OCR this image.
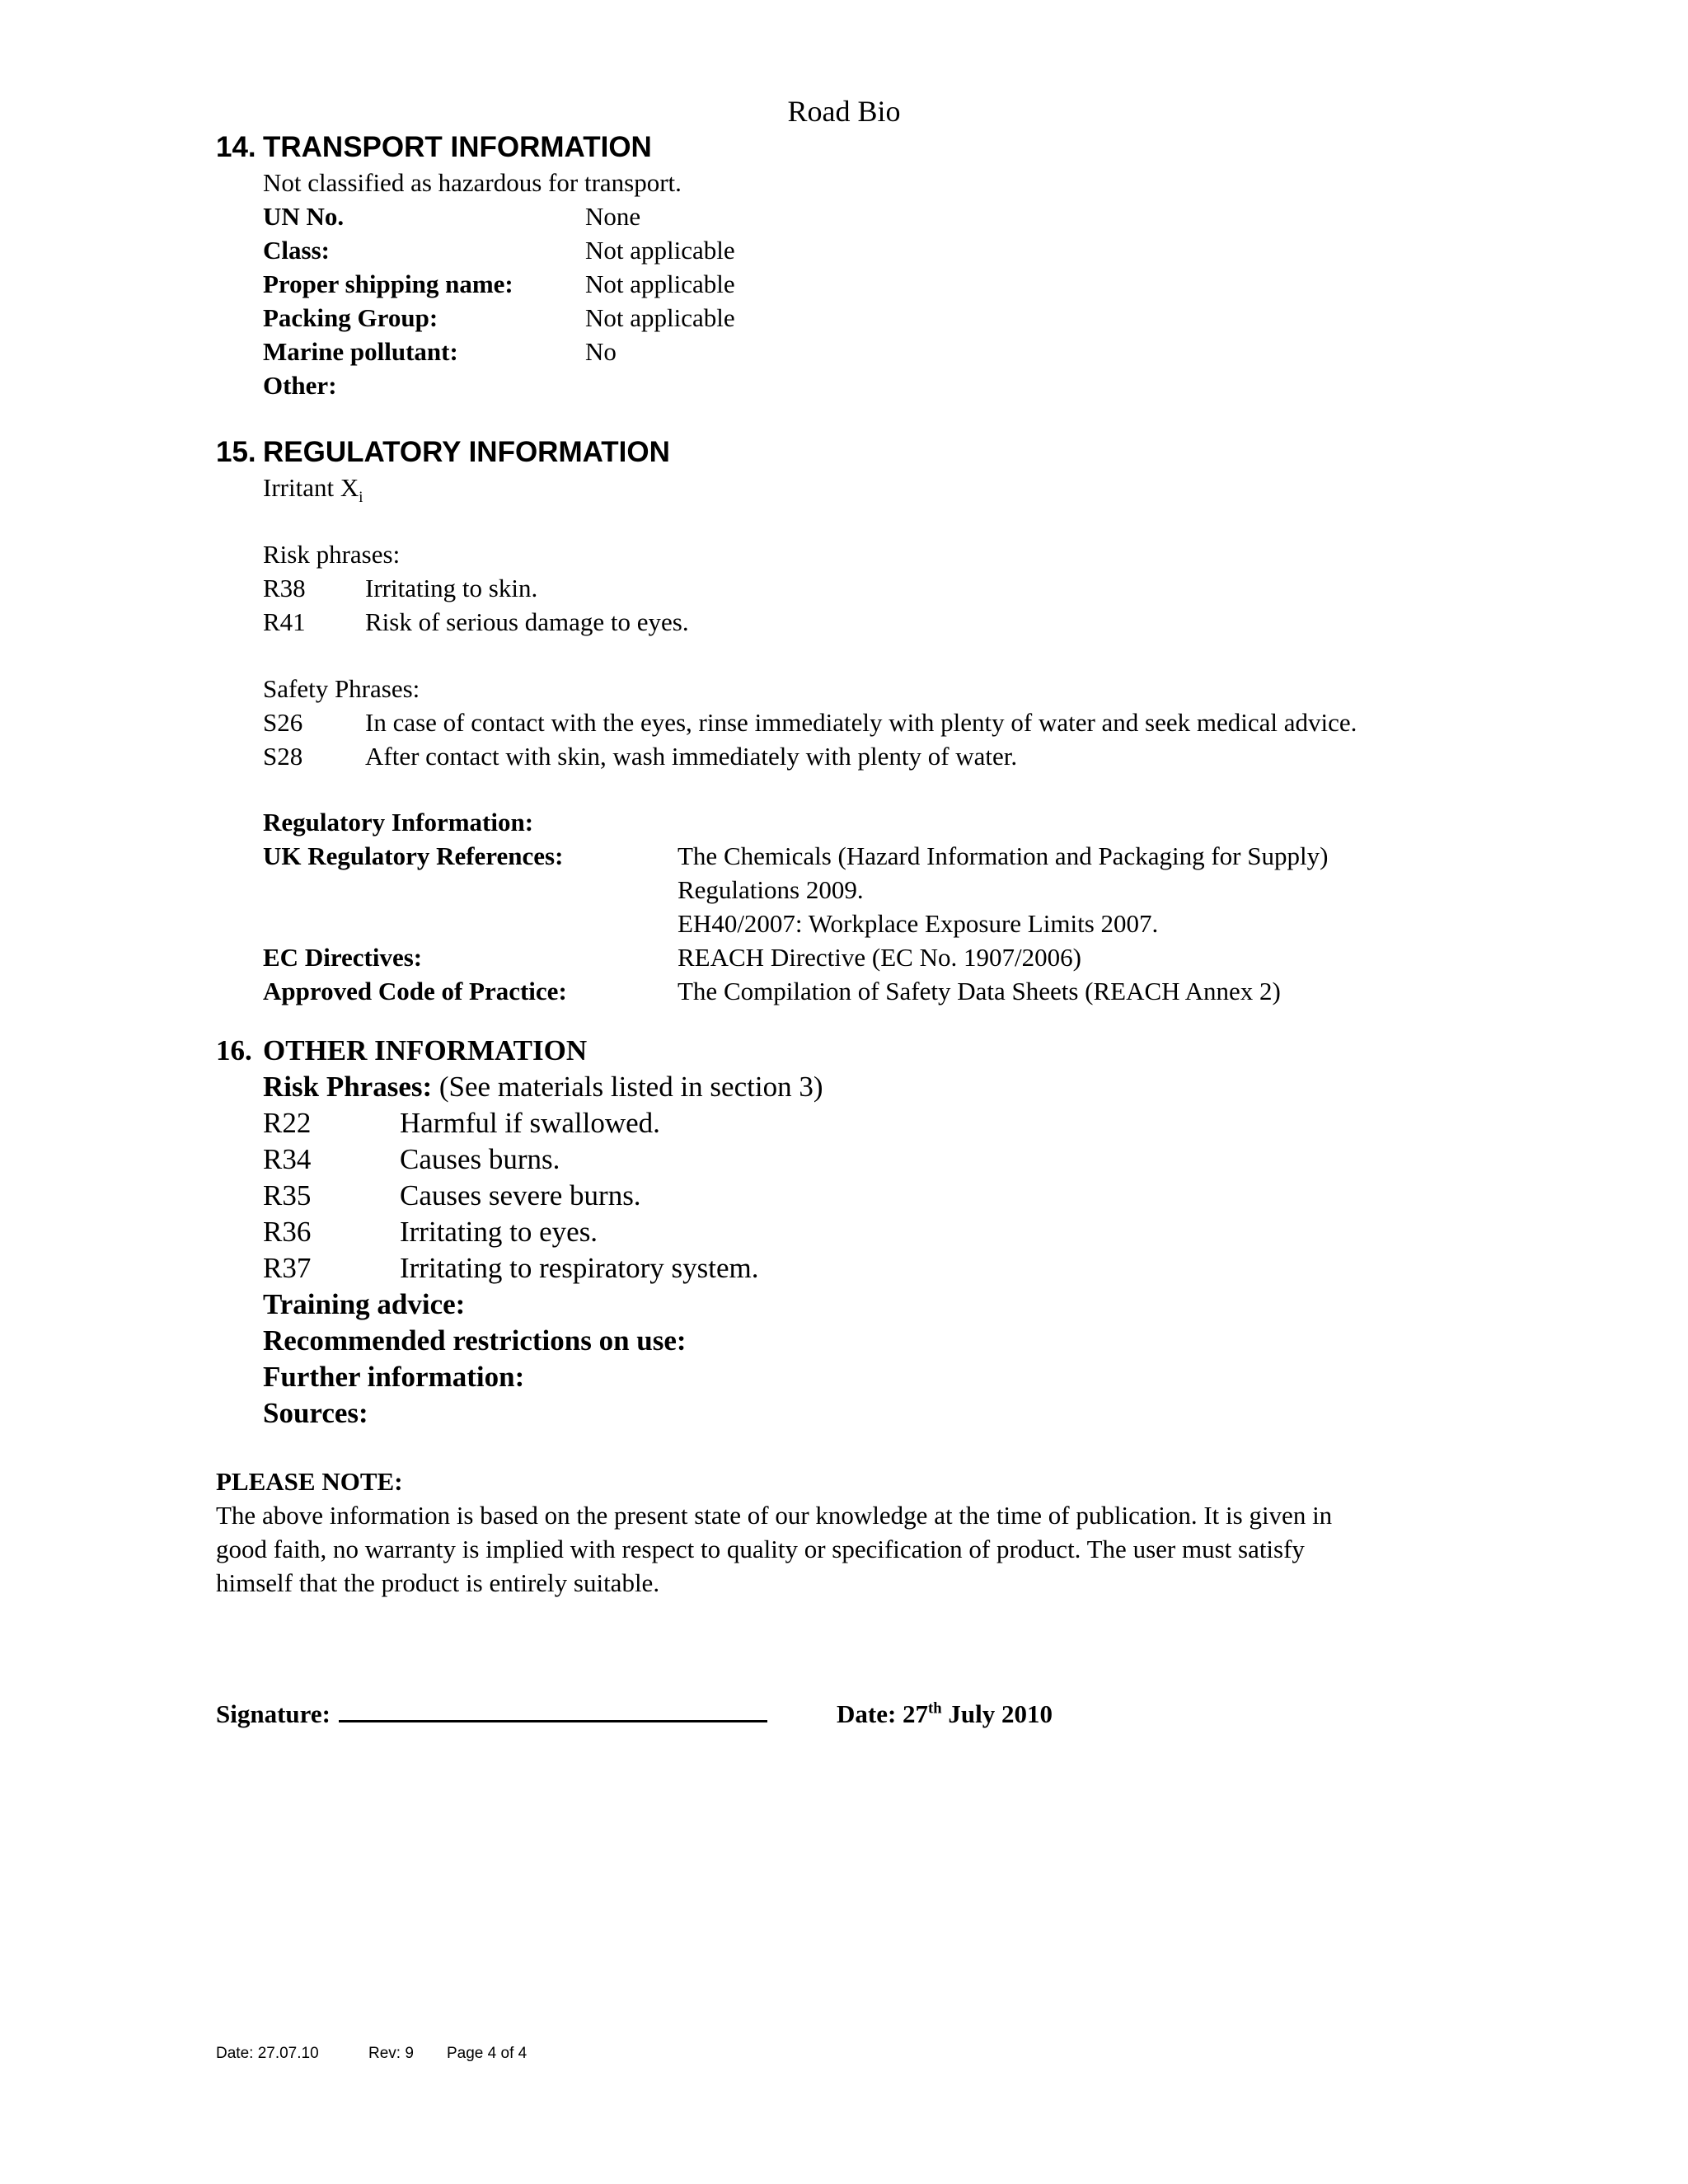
Road Bio
14. TRANSPORT INFORMATION
Not classified as hazardous for transport.
UN No.	None
Class:	Not applicable
Proper shipping name:	Not applicable
Packing Group:	Not applicable
Marine pollutant:	No
Other:
15. REGULATORY INFORMATION
Irritant $X_i$
Risk phrases:
R38 Irritating to skin.
R41 Risk of serious damage to eyes.
Safety Phrases:
S26 In case of contact with the eyes, rinse immediately with plenty of water and seek medical advice.
S28 After contact with skin, wash immediately with plenty of water.
Regulatory Information:
UK Regulatory References:	The Chemicals (Hazard Information and Packaging for Supply)
Regulations 2009.
EH40/2007: Workplace Exposure Limits 2007.
EC Directives:	REACH Directive (EC No. 1907/2006)
Approved Code of Practice:	The Compilation of Safety Data Sheets (REACH Annex 2)
16. OTHER INFORMATION
Risk Phrases: (See materials listed in section 3)
R22	Harmful if swallowed.
R34	Causes burns.
R35	Causes severe burns.
R36	Irritating to eyes.
R37	Irritating to respiratory system.
Training advice:
Recommended restrictions on use:
Further information:
Sources:
PLEASE NOTE:
The above information is based on the present state of our knowledge at the time of publication. It is given in
good faith, no warranty is implied with respect to quality or specification of product. The user must satisfy
himself that the product is entirely suitable.
Signature:	Date: 27th July 2010
Date: 27.07.10	Rev: 9 Page 4 of 4
